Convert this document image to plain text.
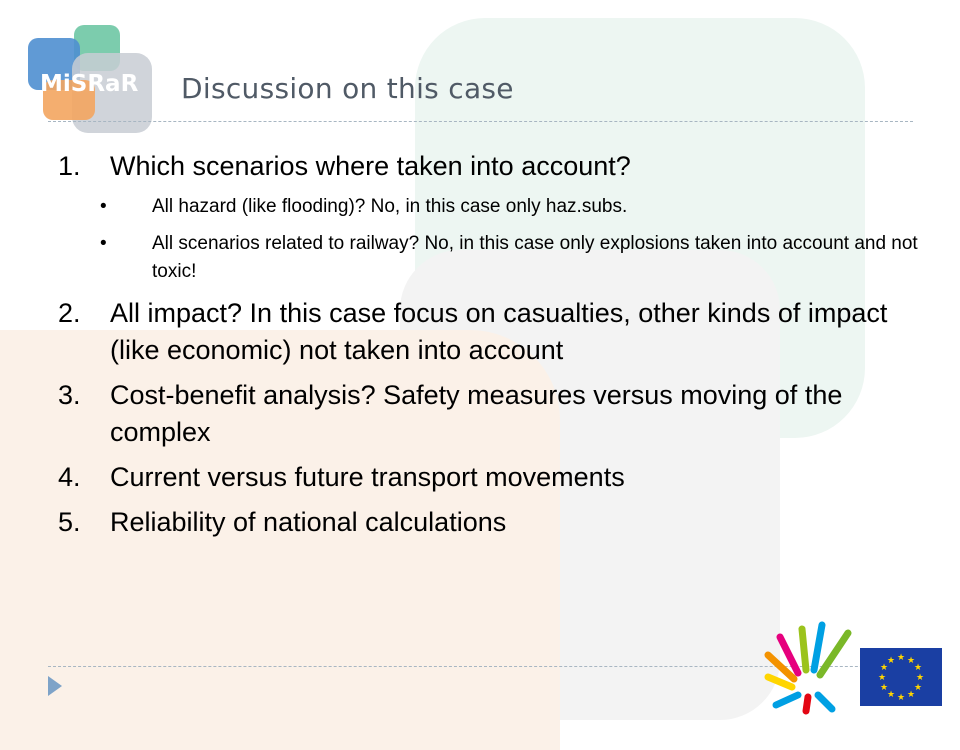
MiSRaR Discussion on this case
1.	Which scenarios where taken into account?
•	All hazard (like flooding)? No, in this case only haz.subs.
•	All scenarios related to railway? No, in this case only explosions taken into account and not toxic!
2.	All impact? In this case focus on casualties, other kinds of impact (like economic) not taken into account
3.	Cost-benefit analysis? Safety measures versus moving of the complex
4.	Current versus future transport movements
5.	Reliability of national calculations
★ ★
★
★
★
★
★
★
★
★
★
★
